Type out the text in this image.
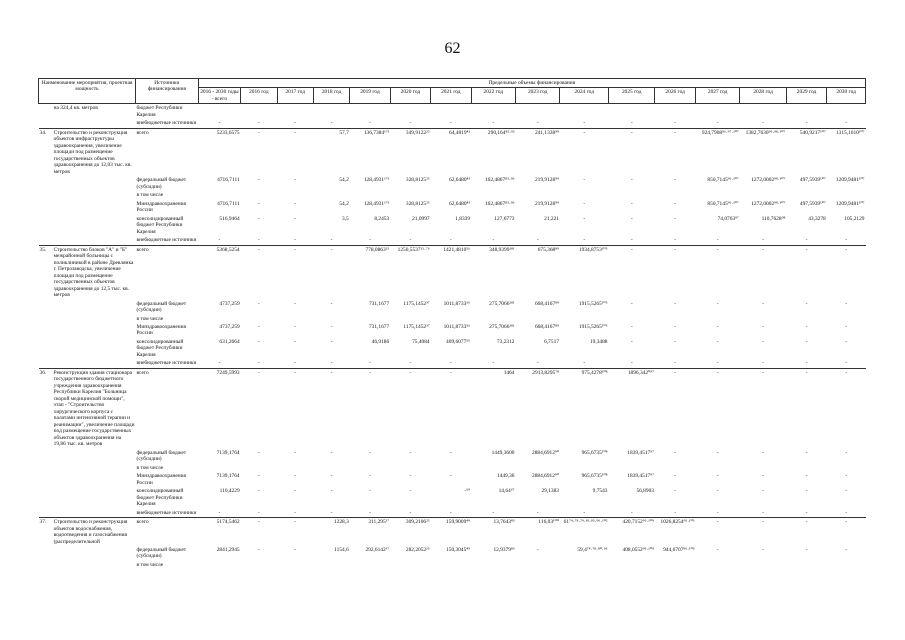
62
Наименование мероприятия, проектная мощность		Источники финансирования	Предельные объемы финансирования															
			2016 - 2030 годы - всего	2016 год	2017 год	2018 год	2019 год	2020 год	2021 год	2022 год	2023 год	2024 год	2025 год	2026 год	2027 год	2028 год	2029 год	2030 год
	на 324,4 кв. метров	бюджет Республики Карелия																
		внебюджетные источники	-	-	-	-	-	-	-	-	-	-	-	-	-	-	-	-
34.	Строительство и реконструкция объектов инфраструктуры здравоохранения, увеличение площади под размещение государственных объектов здравоохранения до 12,03 тыс. кв. метров	всего	5233,6575	-	-	57,7	136,7384¹⁷³	349,9122²⁵	64,4819⁴³	290,164⁸⁵·⁹²	241,1338⁹⁹	-	-	-	924,7908⁹⁶·⁹⁷·¹⁰⁷	1382,7630⁹⁶·⁹⁸·¹⁰⁷	540,9217¹⁰⁷	1315,1610¹⁰⁷
		федеральный бюджет (субсидии)	4716,7111	-	-	54,2	128,4931¹⁷³	328,8125²⁵	62,6480⁴³	162,4867⁸⁵·⁹⁶	219,9128⁹⁹	-	-	-	850,7145⁹⁶·¹⁰⁷	1272,0002⁹⁸·¹⁰⁷	497,5939¹⁰⁷	1209,9481¹⁰⁷
		в том числе																
		Минздравоохранения России	4716,7111	-	-	54,2	128,4931¹⁷³	328,8125²⁵	62,6480⁴³	162,4867⁸⁵·⁹⁶	219,9128⁹⁹	-	-	-	850,7145⁹⁶·¹⁰⁷	1272,0002⁹⁸·¹⁰⁷	497,5939¹⁰⁷	1209,9481¹⁰⁷
		консолидированный бюджет Республики Карелия	516,9464	-	-	3,5	8,2453	21,0997	1,8339	127,6773	21,221	-	-	-	74,0763⁹⁷	110,7628⁹⁸	43,3278	105,2129
		внебюджетные источники	-	-	-	-	-	-	-	-	-	-	-	-	-	-	-	-
35.	Строительство блоков "А" и "Б" межрайонной больницы с поликлиникой в районе Древлянка г. Петрозаводска, увеличение площади под размещение государственных объектов здравоохранения до 12,5 тыс. кв. метров	всего	5368,5254	-	-	-	778,0863²⁵	1250,5537¹⁵·⁷⁶	1421,4810⁵⁶	348,9399¹⁸¹	675,368⁸⁹	1934,8753¹⁰⁵	-	-	-	-	-	-
		федеральный бюджет (субсидии)	4737,259	-	-	-	731,1677	1175,1452³⁷	1011,8733⁵⁶	275,7066¹⁸¹	668,4167⁸⁹	1915,5265¹⁰⁵	-	-	-	-	-	-
		в том числе																
		Минздравоохранения России	4737,259	-	-	-	731,1677	1175,1452³⁷	1011,8733⁵⁶	275,7066¹⁸¹	668,4167⁸⁹	1915,5265¹⁰⁵	-	-	-	-	-	-
		консолидированный бюджет Республики Карелия	631,2664	-	-	-	46,9186	75,4084	409,6077⁵⁶	73,2312	6,7517	19,3488	-	-	-	-	-	-
		внебюджетные источники	-	-	-	-	-	-	-	-	-	-	-	-	-	-	-	-
36.	Реконструкция здания стационара государственного бюджетного учреждения здравоохранения Республики Карелия "Больница скорой медицинской помощи", этап - "Строительство хирургического корпуса с палатами интенсивной терапии и реанимации", увеличение площади под размещение государственных объектов здравоохранения на 19,86 тыс. кв. метров	всего	7249,5993	-	-	-	-	-	-	1464	2913,8295⁷⁸	975,4278¹⁰⁸	1896,342⁰⁹⁷	-	-	-	-	-
		федеральный бюджет (субсидии)	7139,1764	-	-	-	-	-	-	1449,3600	2884,6912⁹⁰	965,6735¹⁰⁸	1839,4517⁹⁷	-	-	-	-	-
		в том числе																
		Минздравоохранения России	7139,1764	-	-	-	-	-	-	1449,36	2884,6912⁹⁰	965,6735¹⁰⁸	1839,4517⁹⁷	-	-	-	-	-
		консолидированный бюджет Республики Карелия	110,4229	-	-	-	-	-	-⁶⁹	14,64⁶⁷	29,1383	9,7543	56,8903	-	-	-	-	-
		внебюджетные источники	-	-	-	-	-	-	-	-	-	-	-	-	-	-	-	-
37.	Строительство и реконструкция объектов водоснабжения, водоотведения и газоснабжения (распределительной	всего	5174,5462	-	-	1228,3	311,295¹⁷	309,2106²⁵	159,9009⁴⁹	13,7643⁸³	116,03¹⁰⁰	61⁷⁴·⁷⁸·⁷⁹·⁸¹·⁸⁵·⁹⁶·¹⁰²	420,7152⁹⁵·¹⁰⁹	1026,8254⁹⁵·¹⁰³	-	-	-	-
		федеральный бюджет (субсидии)	2841,2945	-	-	1154,6	292,6142¹⁷	282,2052²⁵	150,3045⁴⁹	12,9379⁸³	-	59,4⁷⁴·⁷⁸·⁸⁰·⁹⁶	408,0552⁹⁶·¹⁰⁹	944,6707⁹⁶·¹⁰³	-	-	-	-
		в том числе																
